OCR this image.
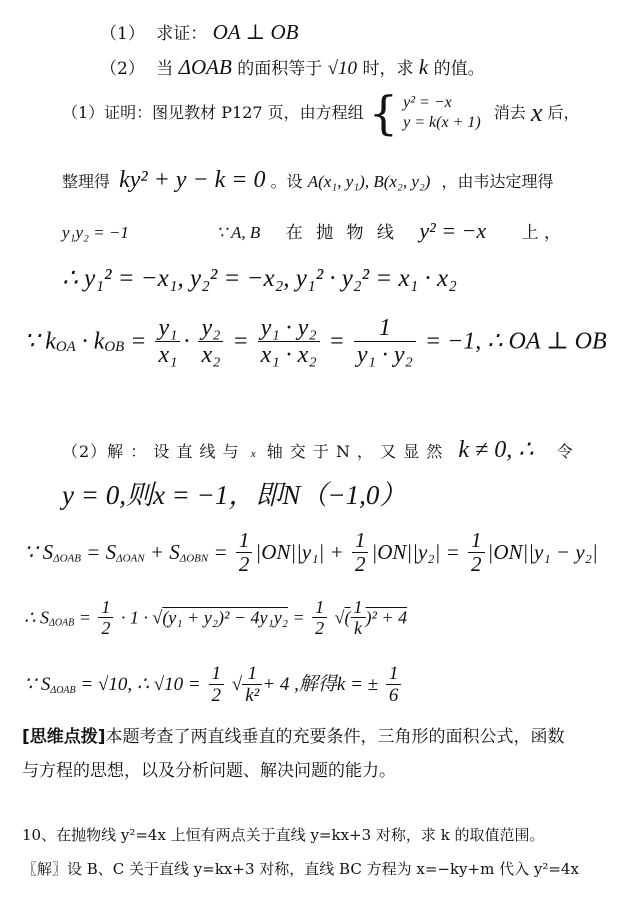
（1） 求证： OA ⊥ OB
（2） 当 ΔOAB 的面积等于 √10 时，求 k 的值。
（1）证明：图见教材 P127 页，由方程组 { y² = −x
y = k(x + 1)
消去 x 后，
整理得 ky² + y − k = 0 。设 A(x₁, y₁), B(x₂, y₂) ，由韦达定理得
y₁y₂ = −1	∵ A, B 在 抛 物 线 y² = −x 上 ，
∴ y₁² = −x₁, y₂² = −x₂, y₁² · y₂² = x₁ · x₂
∵ $k_{OA} \cdot k_{OB} = \frac{\text{y₁}}{\text{x₁}} \cdot \frac{\text{y₂}}{\text{x₂}} = \frac{\text{y₁ · y₂}}{\text{x₁ · x₂}} = \frac{1}{\text{y₁ · y₂}} = -1$, ∴ OA ⊥ OB
（2）解 ： 设 直 线 与 x 轴 交 于 N ， 又 显 然 k ≠ 0, ∴ 令
y = 0,则x = −1，即N（−1,0）
∵ $S_{\Delta OAB} = S_{\Delta OAN} + S_{\Delta OBN} = \frac{1}{2} |ON||y_1| + \frac{1}{2} |ON||y_2| = \frac{1}{2} |ON||y_1 - y_2|$
∴ $S_{\Delta OAB} = \frac{1}{2} \cdot 1 \cdot √(y_1 + y_2)^2 - 4y_1y_2 = \frac{1}{2}$ √( $\frac{1}{k} )^2 + 4$
∵ $S_{\Delta OAB} = √10$, ∴ $√10 = \frac{1}{2}$ √ $\frac{1}{\text{k²}} + 4$ ,解得k = ± $\frac{1}{6}$
[思维点拨]本题考查了两直线垂直的充要条件，三角形的面积公式，函数
与方程的思想，以及分析问题、解决问题的能力。
10、在抛物线 y²=4x 上恒有两点关于直线 y=kx+3 对称，求 k 的取值范围。
〖解〗设 B、C 关于直线 y=kx+3 对称，直线 BC 方程为 x=−ky+m 代入 y²=4x
